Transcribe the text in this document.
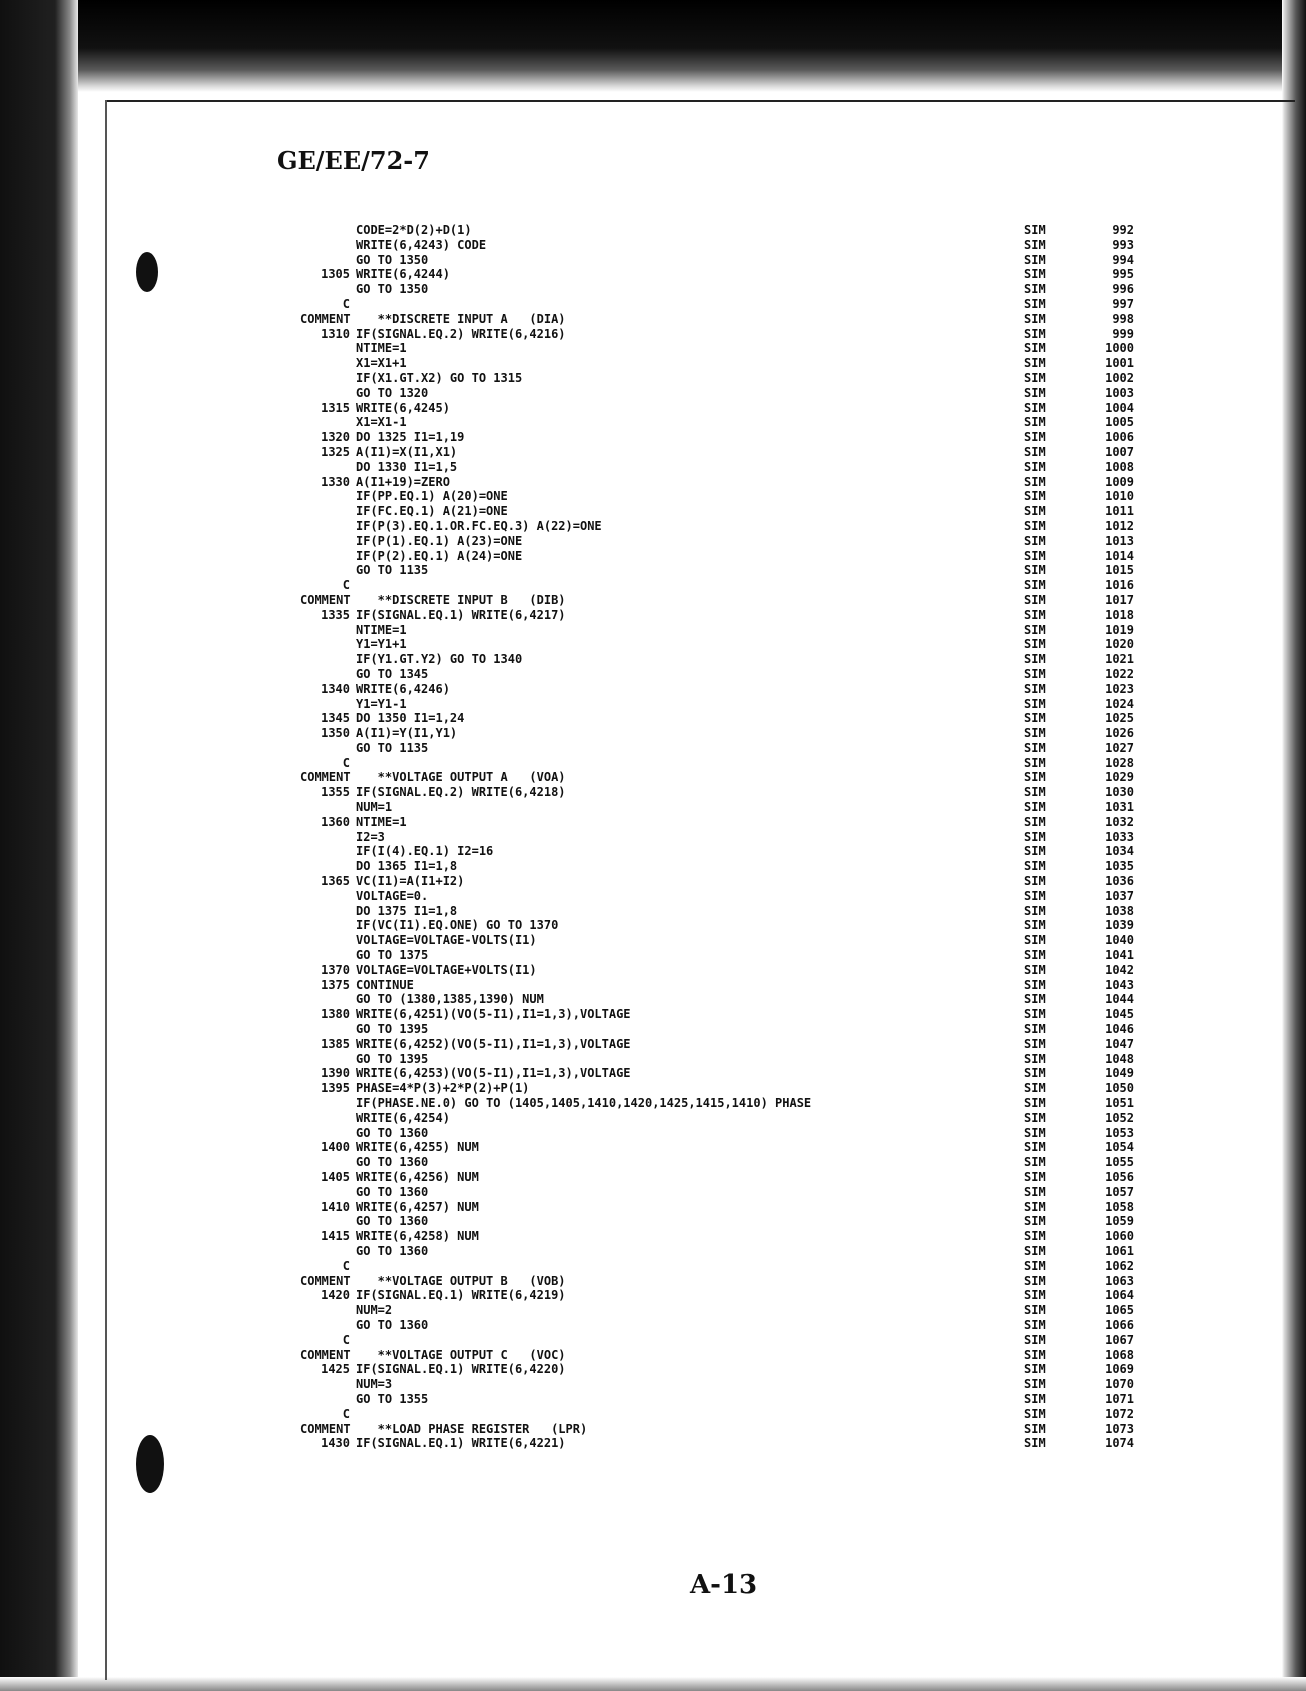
GE/EE/72-7
CODE=2*D(2)+D(1)	SIM	992
WRITE(6,4243) CODE	SIM	993
GO TO 1350	SIM	994
1305 WRITE(6,4244)	SIM	995
GO TO 1350	SIM	996
C	SIM	997
COMMENT **DISCRETE INPUT A   (DIA)	SIM	998
1310 IF(SIGNAL.EQ.2) WRITE(6,4216)	SIM	999
NTIME=1	SIM	1000
X1=X1+1	SIM	1001
IF(X1.GT.X2) GO TO 1315	SIM	1002
GO TO 1320	SIM	1003
1315 WRITE(6,4245)	SIM	1004
X1=X1-1	SIM	1005
1320 DO 1325 I1=1,19	SIM	1006
1325 A(I1)=X(I1,X1)	SIM	1007
DO 1330 I1=1,5	SIM	1008
1330 A(I1+19)=ZERO	SIM	1009
IF(PP.EQ.1) A(20)=ONE	SIM	1010
IF(FC.EQ.1) A(21)=ONE	SIM	1011
IF(P(3).EQ.1.OR.FC.EQ.3) A(22)=ONE	SIM	1012
IF(P(1).EQ.1) A(23)=ONE	SIM	1013
IF(P(2).EQ.1) A(24)=ONE	SIM	1014
GO TO 1135	SIM	1015
C	SIM	1016
COMMENT **DISCRETE INPUT B   (DIB)	SIM	1017
1335 IF(SIGNAL.EQ.1) WRITE(6,4217)	SIM	1018
NTIME=1	SIM	1019
Y1=Y1+1	SIM	1020
IF(Y1.GT.Y2) GO TO 1340	SIM	1021
GO TO 1345	SIM	1022
1340 WRITE(6,4246)	SIM	1023
Y1=Y1-1	SIM	1024
1345 DO 1350 I1=1,24	SIM	1025
1350 A(I1)=Y(I1,Y1)	SIM	1026
GO TO 1135	SIM	1027
C	SIM	1028
COMMENT **VOLTAGE OUTPUT A   (VOA)	SIM	1029
1355 IF(SIGNAL.EQ.2) WRITE(6,4218)	SIM	1030
NUM=1	SIM	1031
1360 NTIME=1	SIM	1032
I2=3	SIM	1033
IF(I(4).EQ.1) I2=16	SIM	1034
DO 1365 I1=1,8	SIM	1035
1365 VC(I1)=A(I1+I2)	SIM	1036
VOLTAGE=0.	SIM	1037
DO 1375 I1=1,8	SIM	1038
IF(VC(I1).EQ.ONE) GO TO 1370	SIM	1039
VOLTAGE=VOLTAGE-VOLTS(I1)	SIM	1040
GO TO 1375	SIM	1041
1370 VOLTAGE=VOLTAGE+VOLTS(I1)	SIM	1042
1375 CONTINUE	SIM	1043
GO TO (1380,1385,1390) NUM	SIM	1044
1380 WRITE(6,4251)(VO(5-I1),I1=1,3),VOLTAGE	SIM	1045
GO TO 1395	SIM	1046
1385 WRITE(6,4252)(VO(5-I1),I1=1,3),VOLTAGE	SIM	1047
GO TO 1395	SIM	1048
1390 WRITE(6,4253)(VO(5-I1),I1=1,3),VOLTAGE	SIM	1049
1395 PHASE=4*P(3)+2*P(2)+P(1)	SIM	1050
IF(PHASE.NE.0) GO TO (1405,1405,1410,1420,1425,1415,1410) PHASE	SIM	1051
WRITE(6,4254)	SIM	1052
GO TO 1360	SIM	1053
1400 WRITE(6,4255) NUM	SIM	1054
GO TO 1360	SIM	1055
1405 WRITE(6,4256) NUM	SIM	1056
GO TO 1360	SIM	1057
1410 WRITE(6,4257) NUM	SIM	1058
GO TO 1360	SIM	1059
1415 WRITE(6,4258) NUM	SIM	1060
GO TO 1360	SIM	1061
C	SIM	1062
COMMENT **VOLTAGE OUTPUT B   (VOB)	SIM	1063
1420 IF(SIGNAL.EQ.1) WRITE(6,4219)	SIM	1064
NUM=2	SIM	1065
GO TO 1360	SIM	1066
C	SIM	1067
COMMENT **VOLTAGE OUTPUT C   (VOC)	SIM	1068
1425 IF(SIGNAL.EQ.1) WRITE(6,4220)	SIM	1069
NUM=3	SIM	1070
GO TO 1355	SIM	1071
C	SIM	1072
COMMENT **LOAD PHASE REGISTER   (LPR)	SIM	1073
1430 IF(SIGNAL.EQ.1) WRITE(6,4221)	SIM	1074
A-13
